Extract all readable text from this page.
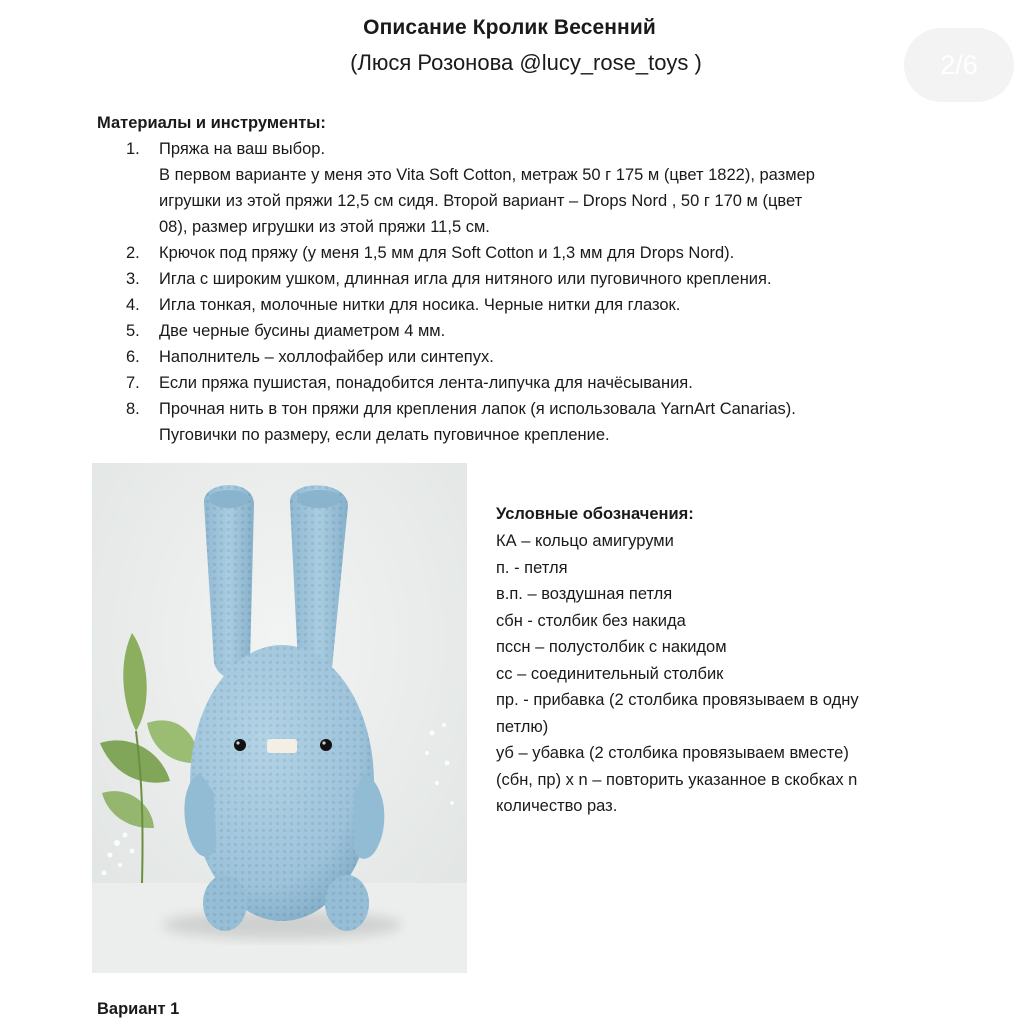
Описание Кролик Весенний
(Люся Розонова @lucy_rose_toys )	2/6
Материалы и инструменты:
1. Пряжа на ваш выбор.
В первом варианте у меня это Vita Soft Cotton, метраж 50 г 175 м (цвет 1822), размер
игрушки из этой пряжи 12,5 см сидя. Второй вариант – Drops Nord , 50 г 170 м (цвет
08), размер игрушки из этой пряжи 11,5 см.
2. Крючок под пряжу (у меня 1,5 мм для Soft Cotton и 1,3 мм для Drops Nord).
3. Игла с широким ушком, длинная игла для нитяного или пуговичного крепления.
4. Игла тонкая, молочные нитки для носика. Черные нитки для глазок.
5. Две черные бусины диаметром 4 мм.
6. Наполнитель – холлофайбер или синтепух.
7. Если пряжа пушистая, понадобится лента-липучка для начёсывания.
8. Прочная нить в тон пряжи для крепления лапок (я использовала YarnArt Canarias).
Пуговички по размеру, если делать пуговичное крепление.
Условные обозначения:
КА – кольцо амигуруми
п. - петля
в.п. – воздушная петля
сбн - столбик без накида
пссн – полустолбик с накидом
сс – соединительный столбик
пр. - прибавка (2 столбика провязываем в одну
петлю)
уб – убавка (2 столбика провязываем вместе)
(сбн, пр) х n – повторить указанное в скобках n
количество раз.
Вариант 1
